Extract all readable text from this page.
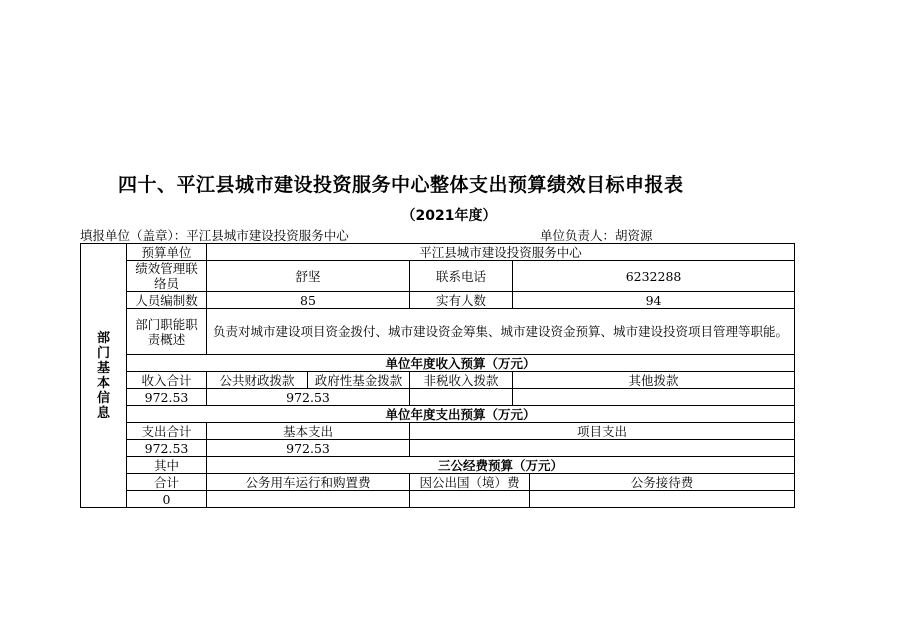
四十、平江县城市建设投资服务中心整体支出预算绩效目标申报表
（2021年度）
填报单位（盖章）：平江县城市建设投资服务中心	单位负责人：胡资源
部门基本信息	预算单位	平江县城市建设投资服务中心				
	绩效管理联络员	舒坚		联系电话	6232288	
	人员编制数	85		实有人数	94	
	部门职能职责概述	负责对城市建设项目资金拨付、城市建设资金筹集、城市建设资金预算、城市建设投资项目管理等职能。				
	单位年度收入预算（万元）					
	收入合计	公共财政拨款	政府性基金拨款	非税收入拨款	其他拨款	
	972.53	972.53				
	单位年度支出预算（万元）					
	支出合计	基本支出		项目支出		
	972.53	972.53				
	其中	三公经费预算（万元）				
	合计	公务用车运行和购置费		因公出国（境）费		公务接待费
	0					
